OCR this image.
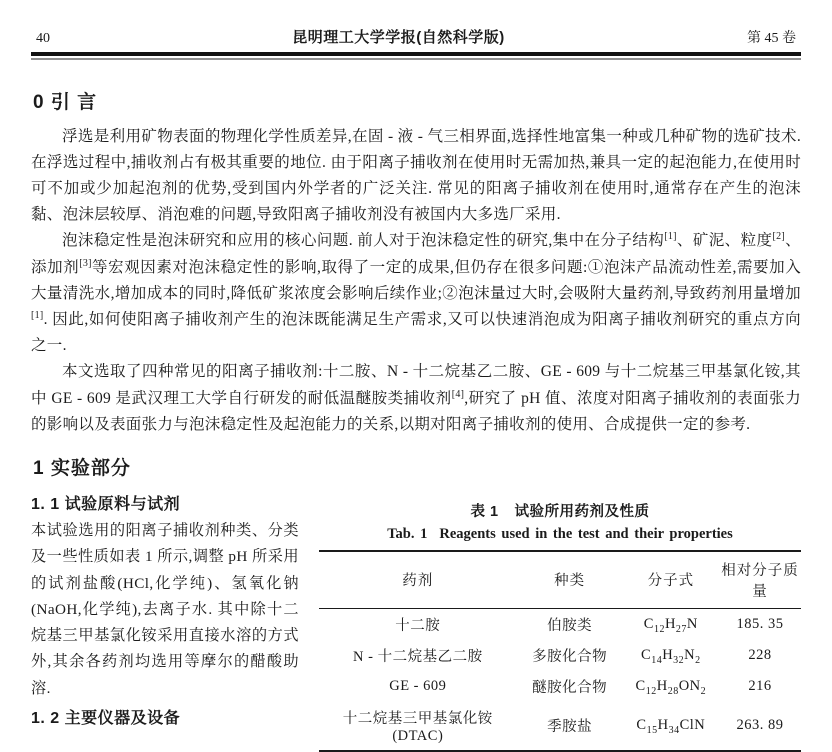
40	昆明理工大学学报(自然科学版)	第 45 卷
0 引 言

浮选是利用矿物表面的物理化学性质差异,在固 - 液 - 气三相界面,选择性地富集一种或几种矿物的选矿技术. 在浮选过程中,捕收剂占有极其重要的地位. 由于阳离子捕收剂在使用时无需加热,兼具一定的起泡能力,在使用时可不加或少加起泡剂的优势,受到国内外学者的广泛关注. 常见的阳离子捕收剂在使用时,通常存在产生的泡沫黏、泡沫层较厚、消泡难的问题,导致阳离子捕收剂没有被国内大多选厂采用.

泡沫稳定性是泡沫研究和应用的核心问题. 前人对于泡沫稳定性的研究,集中在分子结构[1]、矿泥、粒度[2]、添加剂[3]等宏观因素对泡沫稳定性的影响,取得了一定的成果,但仍存在很多问题:①泡沫产品流动性差,需要加入大量清洗水,增加成本的同时,降低矿浆浓度会影响后续作业;②泡沫量过大时,会吸附大量药剂,导致药剂用量增加[1]. 因此,如何使阳离子捕收剂产生的泡沫既能满足生产需求,又可以快速消泡成为阳离子捕收剂研究的重点方向之一.

本文选取了四种常见的阳离子捕收剂:十二胺、N - 十二烷基乙二胺、GE - 609 与十二烷基三甲基氯化铵,其中 GE - 609 是武汉理工大学自行研发的耐低温醚胺类捕收剂[4],研究了 pH 值、浓度对阳离子捕收剂的表面张力的影响以及表面张力与泡沫稳定性及起泡能力的关系,以期对阳离子捕收剂的使用、合成提供一定的参考.

1 实验部分
1. 1 试验原料与试剂

本试验选用的阳离子捕收剂种类、分类及一些性质如表 1 所示,调整 pH 所采用的试剂盐酸(HCl,化学纯)、氢氧化钠(NaOH,化学纯),去离子水. 其中除十二烷基三甲基氯化铵采用直接水溶的方式外,其余各药剂均选用等摩尔的醋酸助溶.

1. 2 主要仪器及设备
表 1 试验所用药剂及性质
Tab. 1 Reagents used in the test and their properties
药剂	种类	分子式	相对分子质量
十二胺	伯胺类	$C_{12}H_{27}N$	185. 35
N - 十二烷基乙二胺	多胺化合物	$C_{14}H_{32}N_2$	228
GE - 609	醚胺化合物	$C_{12}H_{28}ON_2$	216
十二烷基三甲基氯化铵(DTAC)	季胺盐	$C_{15}H_{34}ClN$	263. 89
